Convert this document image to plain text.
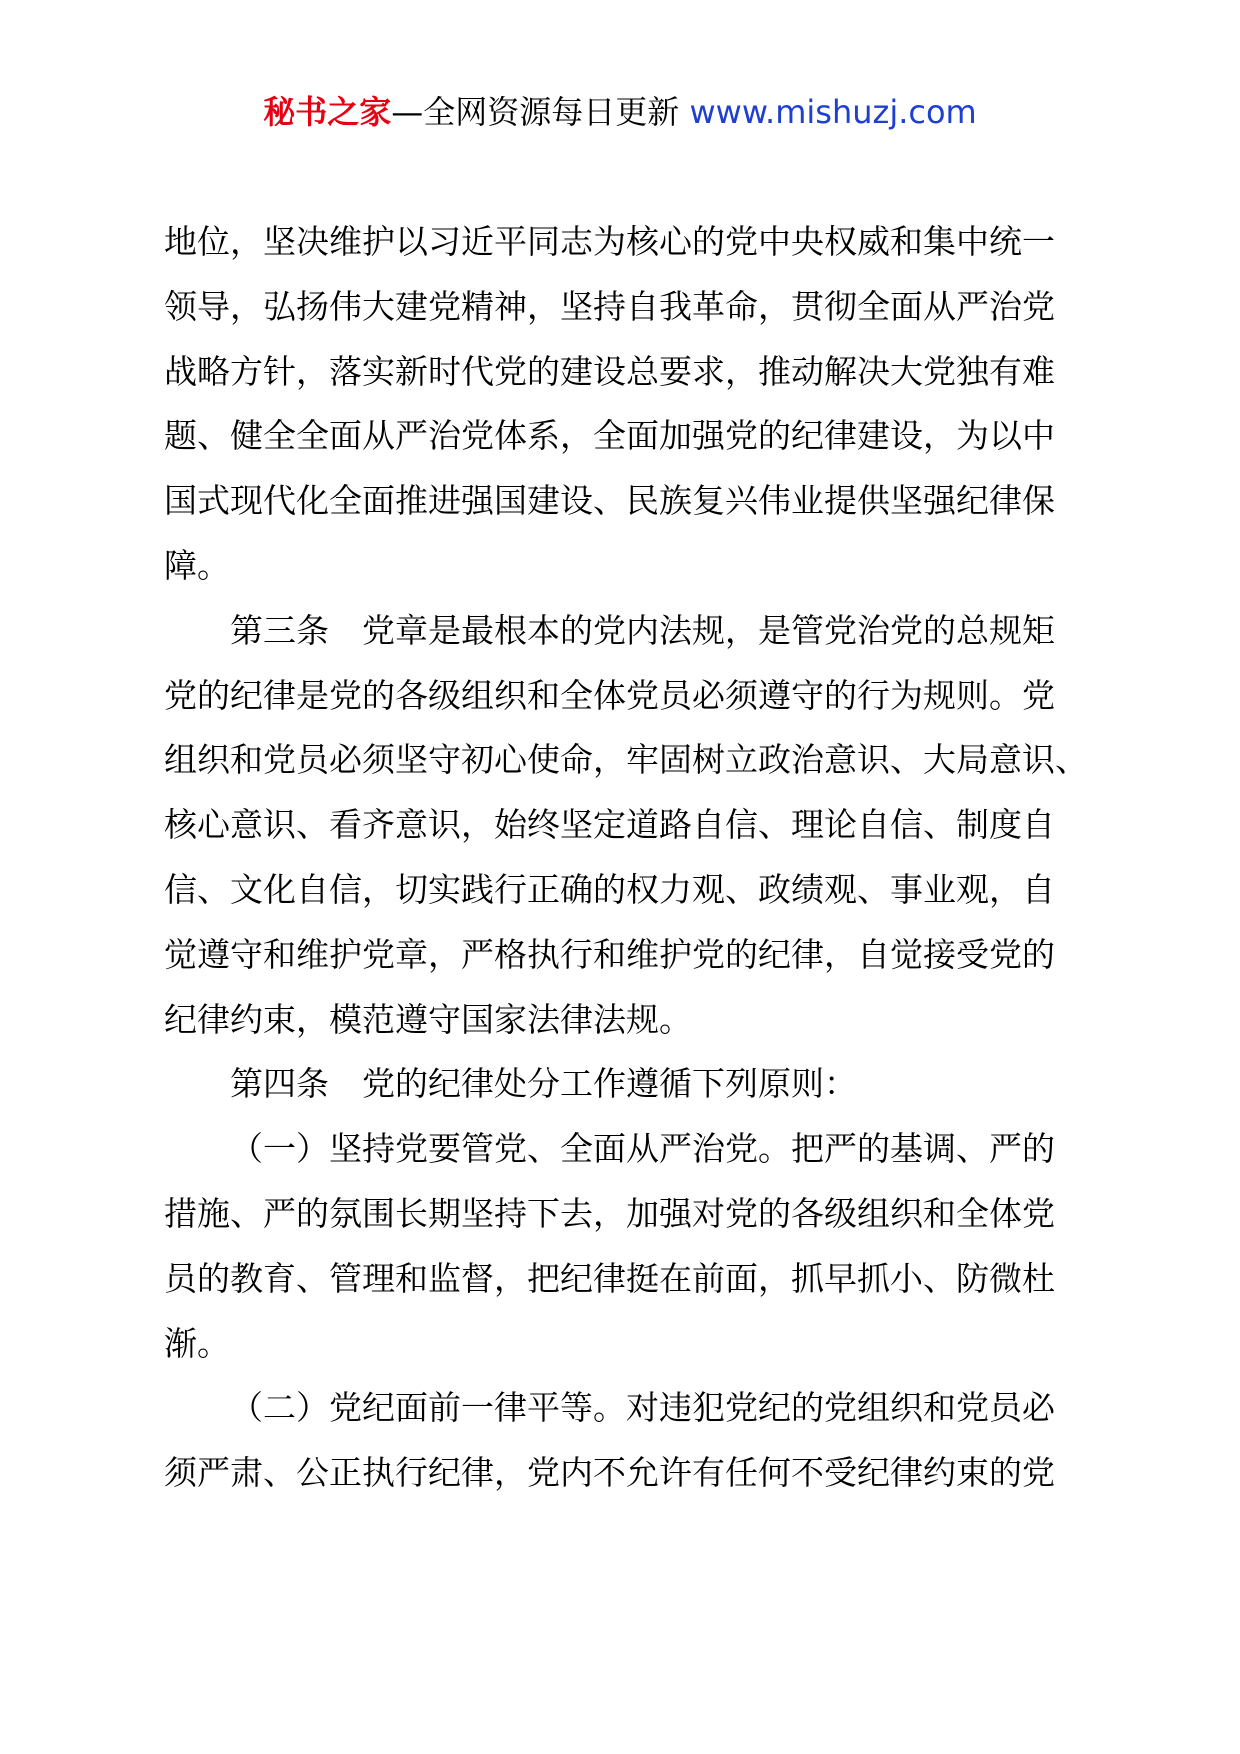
秘书之家—全网资源每日更新 www.mishuzj.com
地位，坚决维护以习近平同志为核心的党中央权威和集中统一
领导，弘扬伟大建党精神，坚持自我革命，贯彻全面从严治党
战略方针，落实新时代党的建设总要求，推动解决大党独有难
题、健全全面从严治党体系，全面加强党的纪律建设，为以中
国式现代化全面推进强国建设、民族复兴伟业提供坚强纪律保
障。
第三条　党章是最根本的党内法规，是管党治党的总规矩
党的纪律是党的各级组织和全体党员必须遵守的行为规则。党
组织和党员必须坚守初心使命，牢固树立政治意识、大局意识、
核心意识、看齐意识，始终坚定道路自信、理论自信、制度自
信、文化自信，切实践行正确的权力观、政绩观、事业观，自
觉遵守和维护党章，严格执行和维护党的纪律，自觉接受党的
纪律约束，模范遵守国家法律法规。
第四条　党的纪律处分工作遵循下列原则：
（一）坚持党要管党、全面从严治党。把严的基调、严的
措施、严的氛围长期坚持下去，加强对党的各级组织和全体党
员的教育、管理和监督，把纪律挺在前面，抓早抓小、防微杜
渐。
（二）党纪面前一律平等。对违犯党纪的党组织和党员必
须严肃、公正执行纪律，党内不允许有任何不受纪律约束的党
